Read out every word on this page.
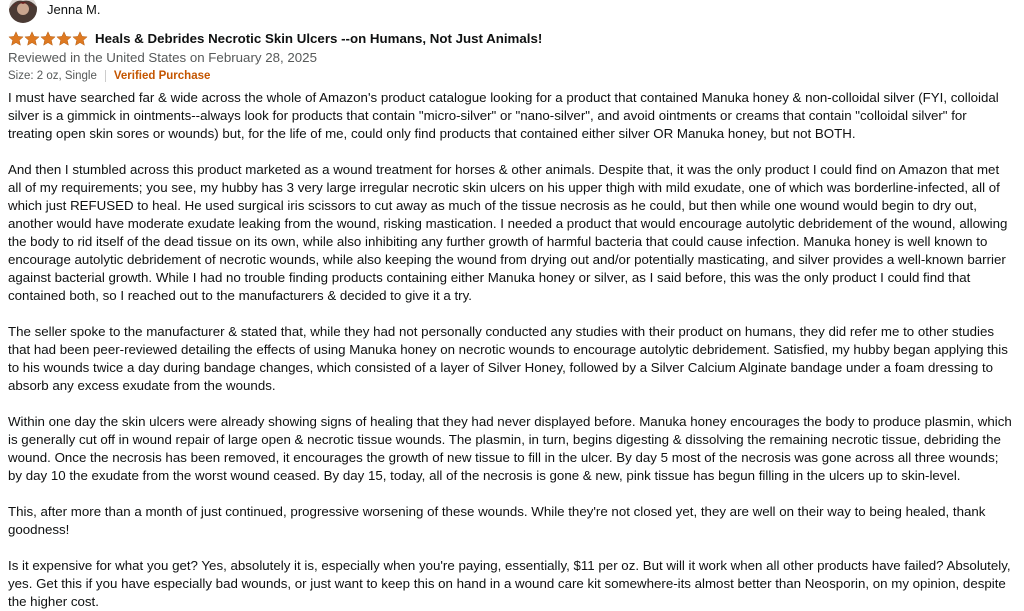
Jenna M.
Heals & Debrides Necrotic Skin Ulcers --on Humans, Not Just Animals!
Reviewed in the United States on February 28, 2025
Size: 2 oz, Single Verified Purchase

I must have searched far & wide across the whole of Amazon's product catalogue looking for a product that contained Manuka honey & non-colloidal silver (FYI, colloidal silver is a gimmick in ointments--always look for products that contain "micro-silver" or "nano-silver", and avoid ointments or creams that contain "colloidal silver" for treating open skin sores or wounds) but, for the life of me, could only find products that contained either silver OR Manuka honey, but not BOTH.

And then I stumbled across this product marketed as a wound treatment for horses & other animals. Despite that, it was the only product I could find on Amazon that met all of my requirements; you see, my hubby has 3 very large irregular necrotic skin ulcers on his upper thigh with mild exudate, one of which was borderline-infected, all of which just REFUSED to heal. He used surgical iris scissors to cut away as much of the tissue necrosis as he could, but then while one wound would begin to dry out, another would have moderate exudate leaking from the wound, risking mastication. I needed a product that would encourage autolytic debridement of the wound, allowing the body to rid itself of the dead tissue on its own, while also inhibiting any further growth of harmful bacteria that could cause infection. Manuka honey is well known to encourage autolytic debridement of necrotic wounds, while also keeping the wound from drying out and/or potentially masticating, and silver provides a well-known barrier against bacterial growth. While I had no trouble finding products containing either Manuka honey or silver, as I said before, this was the only product I could find that contained both, so I reached out to the manufacturers & decided to give it a try.

The seller spoke to the manufacturer & stated that, while they had not personally conducted any studies with their product on humans, they did refer me to other studies that had been peer-reviewed detailing the effects of using Manuka honey on necrotic wounds to encourage autolytic debridement. Satisfied, my hubby began applying this to his wounds twice a day during bandage changes, which consisted of a layer of Silver Honey, followed by a Silver Calcium Alginate bandage under a foam dressing to absorb any excess exudate from the wounds.

Within one day the skin ulcers were already showing signs of healing that they had never displayed before. Manuka honey encourages the body to produce plasmin, which is generally cut off in wound repair of large open & necrotic tissue wounds. The plasmin, in turn, begins digesting & dissolving the remaining necrotic tissue, debriding the wound. Once the necrosis has been removed, it encourages the growth of new tissue to fill in the ulcer. By day 5 most of the necrosis was gone across all three wounds; by day 10 the exudate from the worst wound ceased. By day 15, today, all of the necrosis is gone & new, pink tissue has begun filling in the ulcers up to skin-level.

This, after more than a month of just continued, progressive worsening of these wounds. While they're not closed yet, they are well on their way to being healed, thank goodness!

Is it expensive for what you get? Yes, absolutely it is, especially when you're paying, essentially, $11 per oz. But will it work when all other products have failed? Absolutely, yes. Get this if you have especially bad wounds, or just want to keep this on hand in a wound care kit somewhere-its almost better than Neosporin, on my opinion, despite the higher cost.
